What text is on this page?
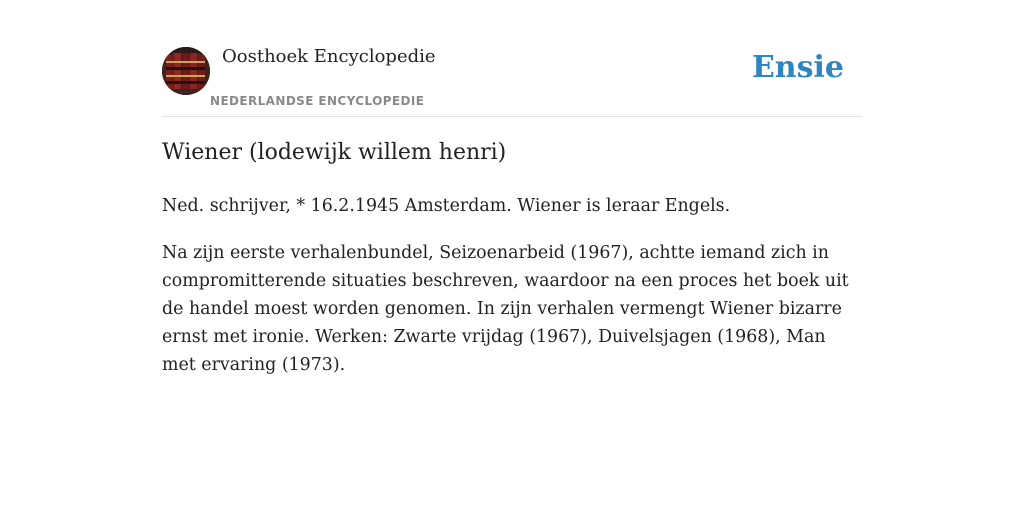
Oosthoek Encyclopedie
NEDERLANDSE ENCYCLOPEDIE
Ensie
Wiener (lodewijk willem henri)

Ned. schrijver, * 16.2.1945 Amsterdam. Wiener is leraar Engels.

Na zijn eerste verhalenbundel, Seizoenarbeid (1967), achtte iemand zich in compromitterende situaties beschreven, waardoor na een proces het boek uit de handel moest worden genomen. In zijn verhalen vermengt Wiener bizarre ernst met ironie. Werken: Zwarte vrijdag (1967), Duivelsjagen (1968), Man met ervaring (1973).
